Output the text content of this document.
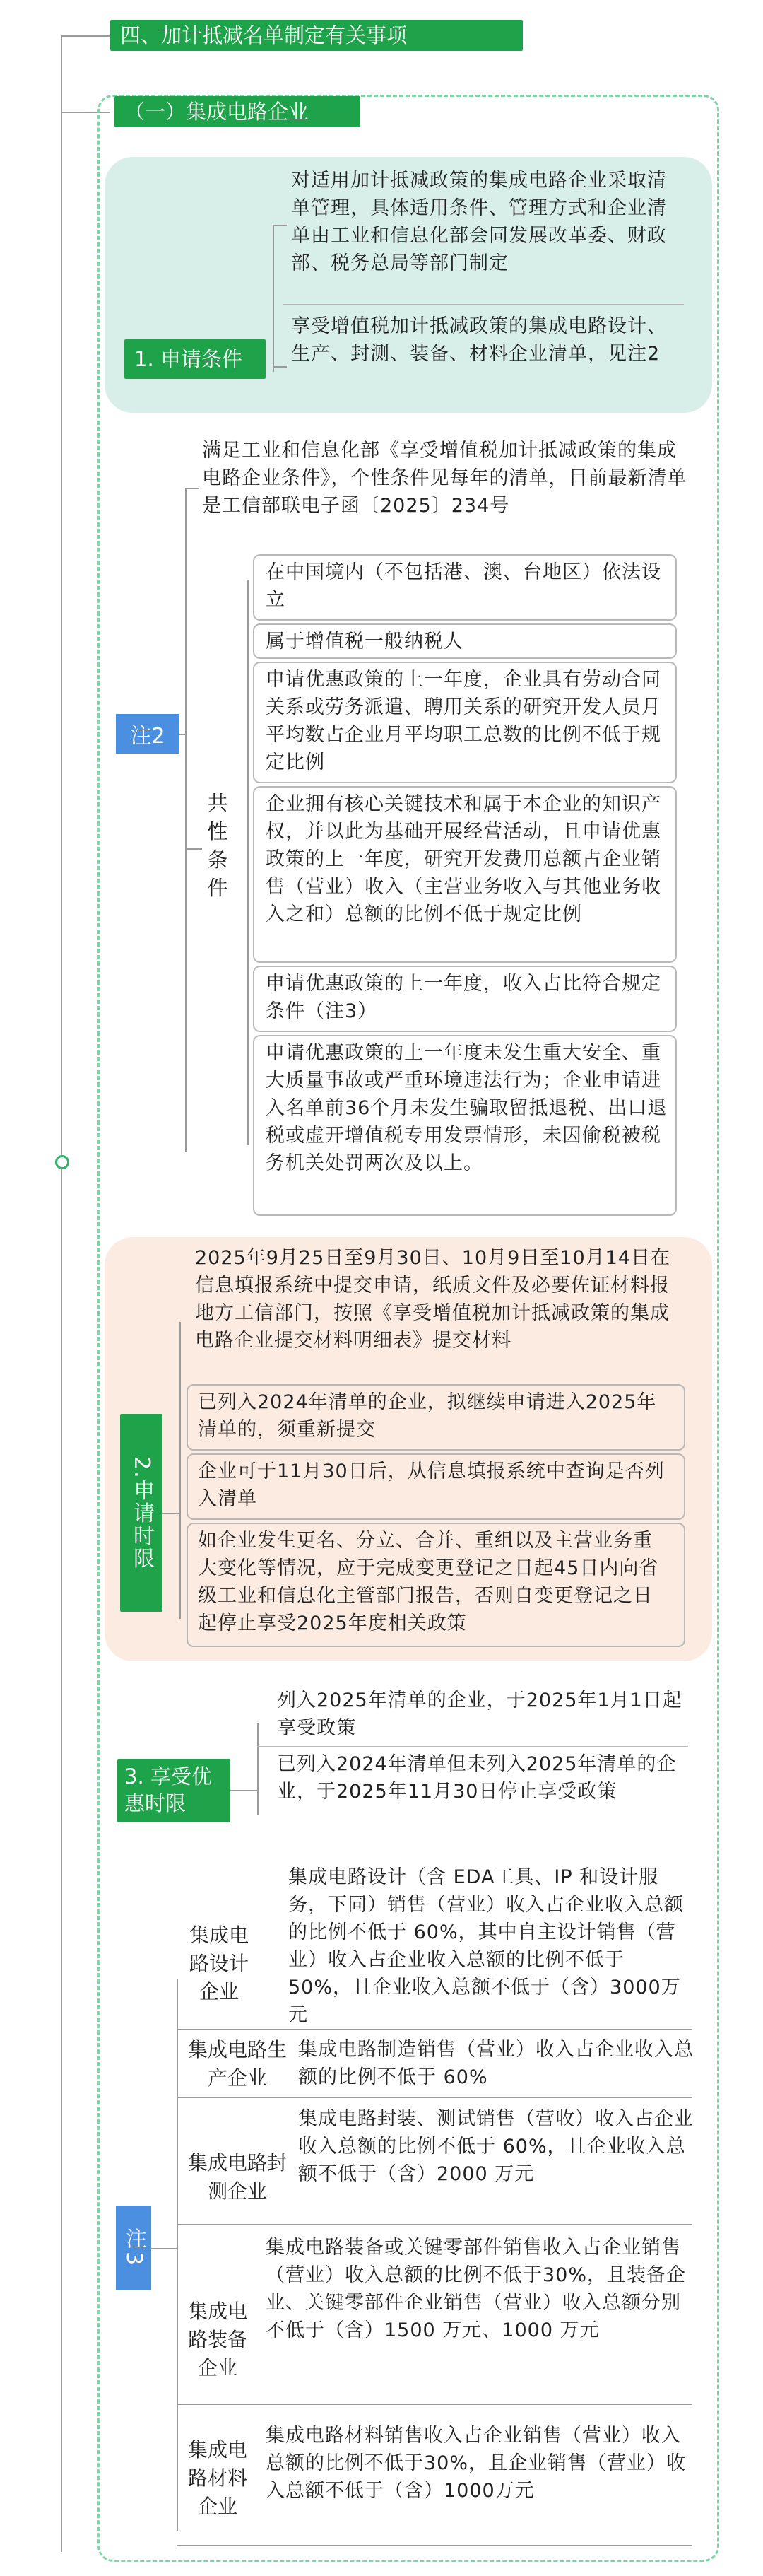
四、加计抵减名单制定有关事项
（一）集成电路企业
1. 申请条件
对适用加计抵减政策的集成电路企业采取清单管理，具体适用条件、管理方式和企业清单由工业和信息化部会同发展改革委、财政部、税务总局等部门制定
享受增值税加计抵减政策的集成电路设计、生产、封测、装备、材料企业清单，见注2
注2
满足工业和信息化部《享受增值税加计抵减政策的集成电路企业条件》，个性条件见每年的清单，目前最新清单是工信部联电子函〔2025〕234号
共性条件
在中国境内（不包括港、澳、台地区）依法设立
属于增值税一般纳税人
申请优惠政策的上一年度，企业具有劳动合同关系或劳务派遣、聘用关系的研究开发人员月平均数占企业月平均职工总数的比例不低于规定比例
企业拥有核心关键技术和属于本企业的知识产权，并以此为基础开展经营活动，且申请优惠政策的上一年度，研究开发费用总额占企业销售（营业）收入（主营业务收入与其他业务收入之和）总额的比例不低于规定比例
申请优惠政策的上一年度，收入占比符合规定条件（注3）
申请优惠政策的上一年度未发生重大安全、重大质量事故或严重环境违法行为；企业申请进入名单前36个月未发生骗取留抵退税、出口退税或虚开增值税专用发票情形，未因偷税被税务机关处罚两次及以上。
2.申请时限
2025年9月25日至9月30日、10月9日至10月14日在信息填报系统中提交申请，纸质文件及必要佐证材料报地方工信部门，按照《享受增值税加计抵减政策的集成电路企业提交材料明细表》提交材料
已列入2024年清单的企业，拟继续申请进入2025年清单的，须重新提交
企业可于11月30日后，从信息填报系统中查询是否列入清单
如企业发生更名、分立、合并、重组以及主营业务重大变化等情况，应于完成变更登记之日起45日内向省级工业和信息化主管部门报告，否则自变更登记之日起停止享受2025年度相关政策
3. 享受优惠时限
列入2025年清单的企业，于2025年1月1日起享受政策
已列入2024年清单但未列入2025年清单的企业，于2025年11月30日停止享受政策
注3
集成电路设计企业
集成电路设计（含 EDA工具、IP 和设计服务，下同）销售（营业）收入占企业收入总额的比例不低于 60%，其中自主设计销售（营业）收入占企业收入总额的比例不低于 50%，且企业收入总额不低于（含）3000万元
集成电路生产企业
集成电路制造销售（营业）收入占企业收入总额的比例不低于 60%
集成电路封测企业
集成电路封装、测试销售（营收）收入占企业收入总额的比例不低于 60%，且企业收入总额不低于（含）2000 万元
集成电路装备企业
集成电路装备或关键零部件销售收入占企业销售（营业）收入总额的比例不低于30%，且装备企业、关键零部件企业销售（营业）收入总额分别不低于（含）1500 万元、1000 万元
集成电路材料企业
集成电路材料销售收入占企业销售（营业）收入总额的比例不低于30%，且企业销售（营业）收入总额不低于（含）1000万元
